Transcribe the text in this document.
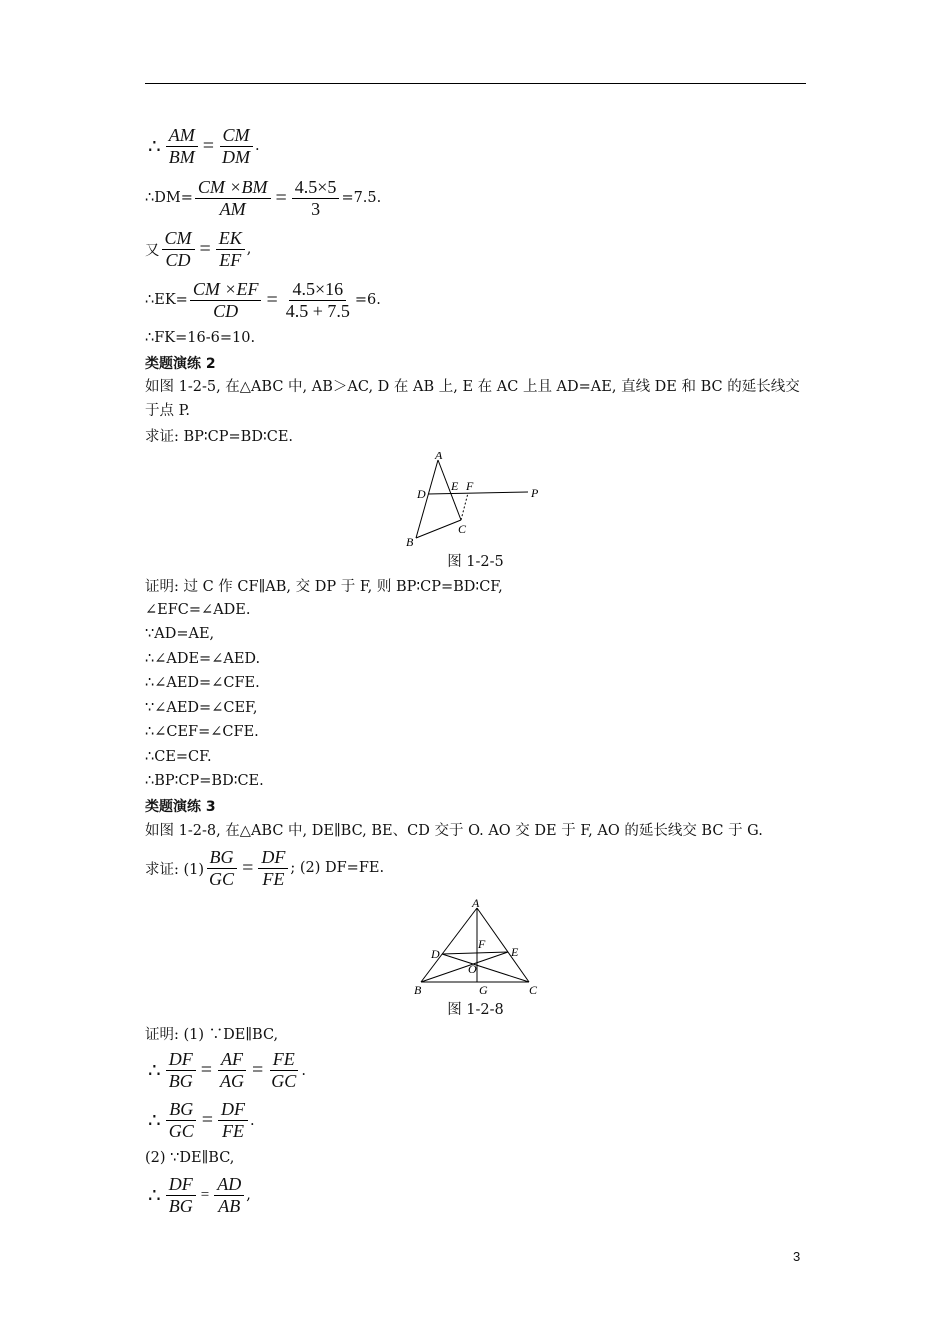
∴ $\frac{AM}{BM} = \frac{CM}{DM}$ .
∴ $DM= \frac{CM \times BM}{AM} = \frac{4.5\times 5}{3} =7.5$.
又 $\frac{CM}{CD} = \frac{EK}{EF}$ ,
∴ $EK= \frac{CM \times EF}{CD} = \frac{4.5\times 16}{4.5 + 7.5} =6$.
∴FK=16-6=10.
类题演练 2
如图 1-2-5, 在△ABC 中, AB＞AC, D 在 AB 上, E 在 AC 上且 AD=AE, 直线 DE 和 BC 的延长线交于点 P.
求证: BP∶CP=BD∶CE.
A
B
C
D
E F	P
图 1-2-5
证明: 过 C 作 CF∥AB, 交 DP 于 F, 则 BP∶CP=BD∶CF,
∠EFC=∠ADE.
∵AD=AE,
∴∠ADE=∠AED.
∴∠AED=∠CFE.
∵∠AED=∠CEF,
∴∠CEF=∠CFE.
∴CE=CF.
∴BP∶CP=BD∶CE.
类题演练 3
如图 1-2-8, 在△ABC 中, DE∥BC, BE、CD 交于 O. AO 交 DE 于 F, AO 的延长线交 BC 于 G.
求证: $(1) \frac{BG}{GC} = \frac{DF}{FE}$ ; (2) DF=FE.
A
B	C
D	E
F
G
O
图 1-2-8
证明: (1) ∵DE∥BC,
∴ $\frac{DF}{BG} = \frac{AF}{AG} = \frac{FE}{GC}$ .
∴ $\frac{BG}{GC} = \frac{DF}{FE}$ .
(2) ∵DE∥BC,
∴ $\frac{DF}{BG} = \frac{AD}{AB}$ ,
3
